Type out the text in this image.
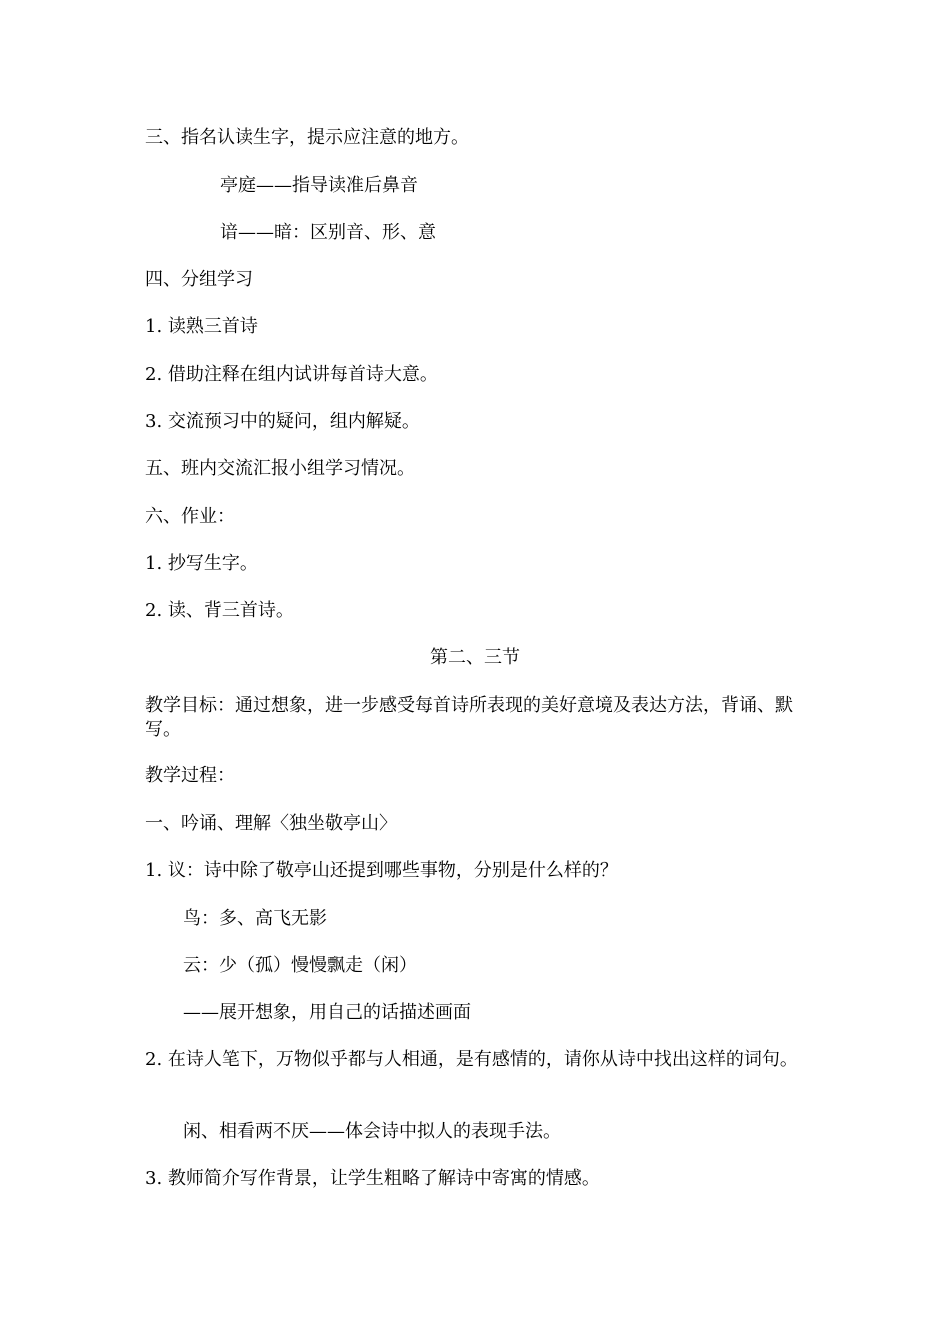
三、指名认读生字，提示应注意的地方。
亭庭——指导读准后鼻音
谙——暗：区别音、形、意
四、分组学习
1. 读熟三首诗
2. 借助注释在组内试讲每首诗大意。
3. 交流预习中的疑问，组内解疑。
五、班内交流汇报小组学习情况。
六、作业：
1. 抄写生字。
2. 读、背三首诗。
第二、三节
教学目标：通过想象，进一步感受每首诗所表现的美好意境及表达方法，背诵、默写。
教学过程：
一、吟诵、理解〈独坐敬亭山〉
1. 议：诗中除了敬亭山还提到哪些事物，分别是什么样的？
鸟：多、高飞无影
云：少（孤）慢慢飘走（闲）
——展开想象，用自己的话描述画面
2. 在诗人笔下，万物似乎都与人相通，是有感情的，请你从诗中找出这样的词句。
闲、相看两不厌——体会诗中拟人的表现手法。
3. 教师简介写作背景，让学生粗略了解诗中寄寓的情感。
